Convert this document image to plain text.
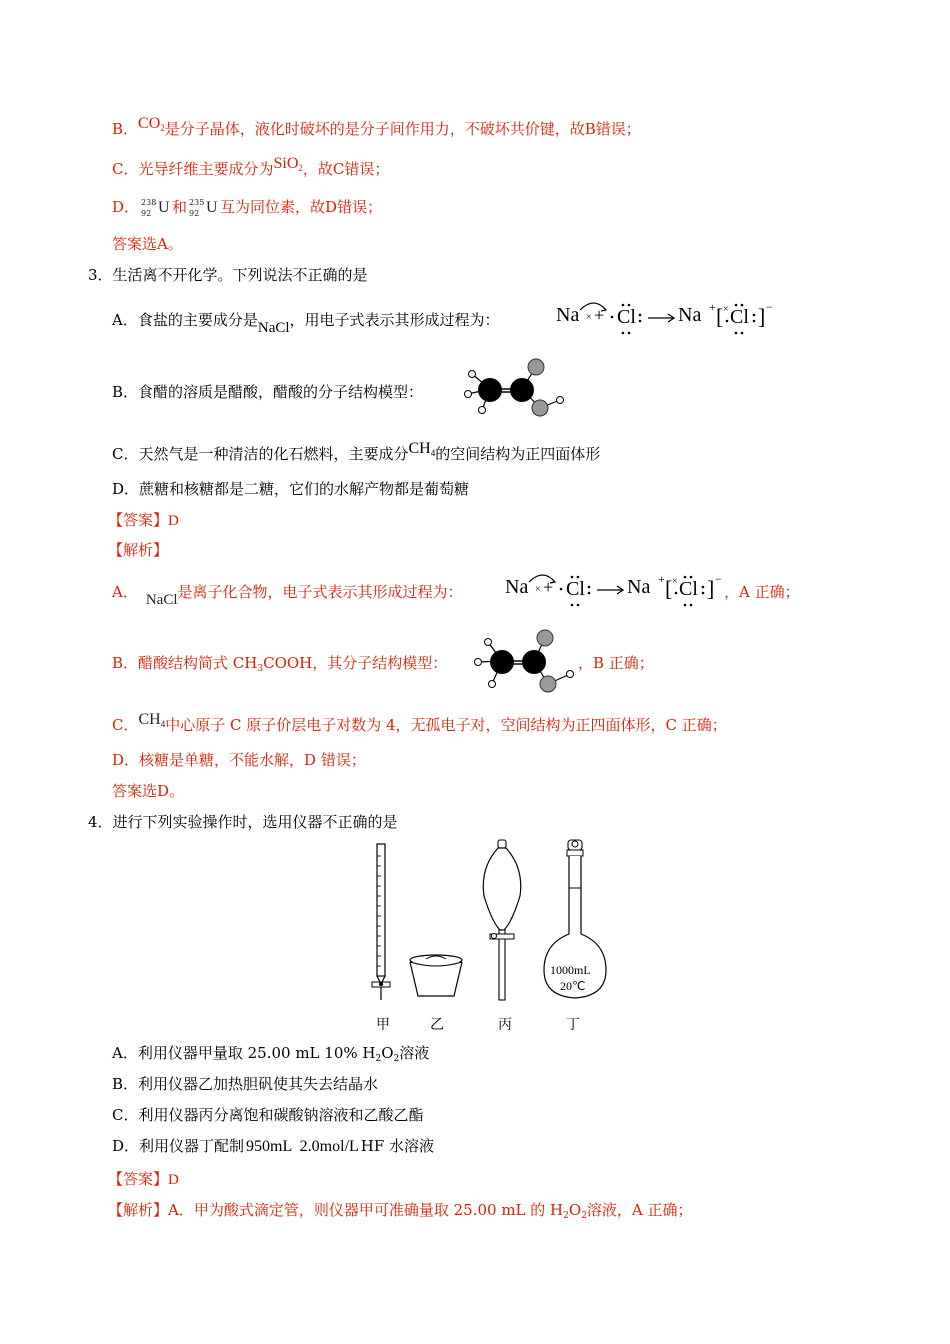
B．$CO_2$是分子晶体，液化时破坏的是分子间作用力，不破坏共价键，故B错误；
C．光导纤维主要成分为SiO$_2$，故C错误；
D． 238
92 U 和 235
92 U 互为同位素，故D错误；
答案选A。
3．生活离不开化学。下列说法不正确的是
A．食盐的主要成分是NaCl，用电子式表示其形成过程为：	Na × + Cl Na + [ × Cl ] −
B．食醋的溶质是醋酸，醋酸的分子结构模型：
C．天然气是一种清洁的化石燃料，主要成分$CH_4$的空间结构为正四面体形
D．蔗糖和核糖都是二糖，它们的水解产物都是葡萄糖
【答案】D
【解析】
A． NaCl是离子化合物，电子式表示其形成过程为： Na × + Cl Na + [ × Cl ] −
，A 正确；
B．醋酸结构简式 $CH_3COOH$，其分子结构模型：	，B 正确；
C．$CH_4$中心原子 C 原子价层电子对数为 4，无孤电子对，空间结构为正四面体形，C 正确；
D．核糖是单糖，不能水解，D 错误；
答案选D。
4．进行下列实验操作时，选用仪器不正确的是
1000mL
20℃
甲	乙	丙	丁
A．利用仪器甲量取 25.00 mL 10% $H_2O_2$溶液
B．利用仪器乙加热胆矾使其失去结晶水
C．利用仪器丙分离饱和碳酸钠溶液和乙酸乙酯
D．利用仪器丁配制 950mL  2.0mol/L HF 水溶液
【答案】D
【解析】A．甲为酸式滴定管，则仪器甲可准确量取 25.00 mL 的 $H_2O_2$溶液，A 正确；
